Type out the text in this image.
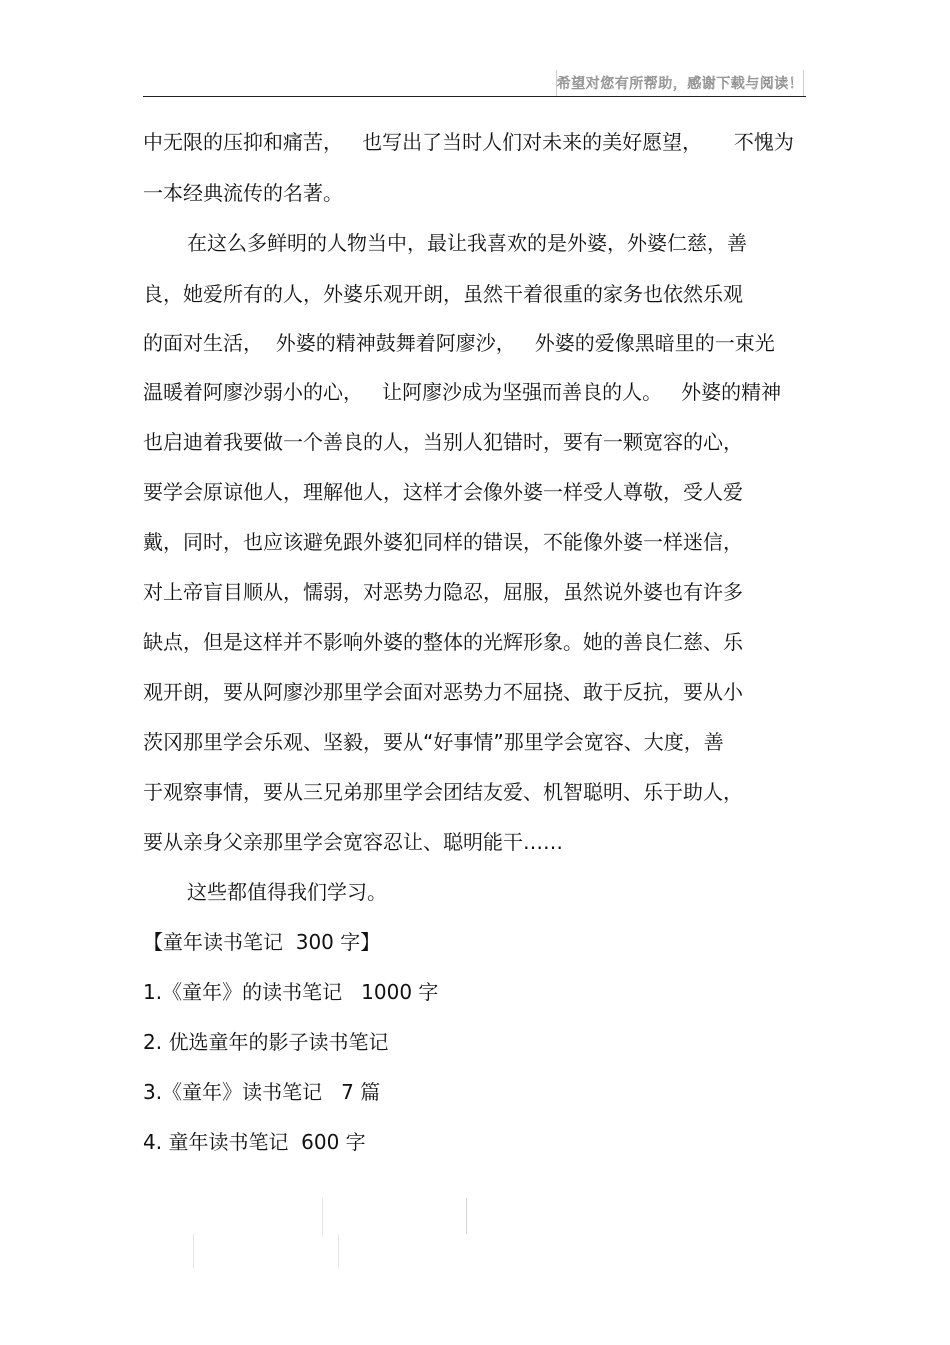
希望对您有所帮助，感谢下载与阅读！
中无限的压抑和痛苦，   也写出了当时人们对未来的美好愿望，     不愧为
一本经典流传的名著。
在这么多鲜明的人物当中，最让我喜欢的是外婆，外婆仁慈，善
良，她爱所有的人，外婆乐观开朗，虽然干着很重的家务也依然乐观
的面对生活，  外婆的精神鼓舞着阿廖沙，   外婆的爱像黑暗里的一束光
温暖着阿廖沙弱小的心，   让阿廖沙成为坚强而善良的人。   外婆的精神
也启迪着我要做一个善良的人，当别人犯错时，要有一颗宽容的心，
要学会原谅他人，理解他人，这样才会像外婆一样受人尊敬，受人爱
戴，同时，也应该避免跟外婆犯同样的错误，不能像外婆一样迷信，
对上帝盲目顺从，懦弱，对恶势力隐忍，屈服，虽然说外婆也有许多
缺点，但是这样并不影响外婆的整体的光辉形象。她的善良仁慈、乐
观开朗，要从阿廖沙那里学会面对恶势力不屈挠、敢于反抗，要从小
茨冈那里学会乐观、坚毅，要从“好事情”那里学会宽容、大度，善
于观察事情，要从三兄弟那里学会团结友爱、机智聪明、乐于助人，
要从亲身父亲那里学会宽容忍让、聪明能干……
这些都值得我们学习。
【童年读书笔记  300 字】
1.《童年》的读书笔记   1000 字
2. 优选童年的影子读书笔记
3.《童年》读书笔记   7 篇
4. 童年读书笔记  600 字
